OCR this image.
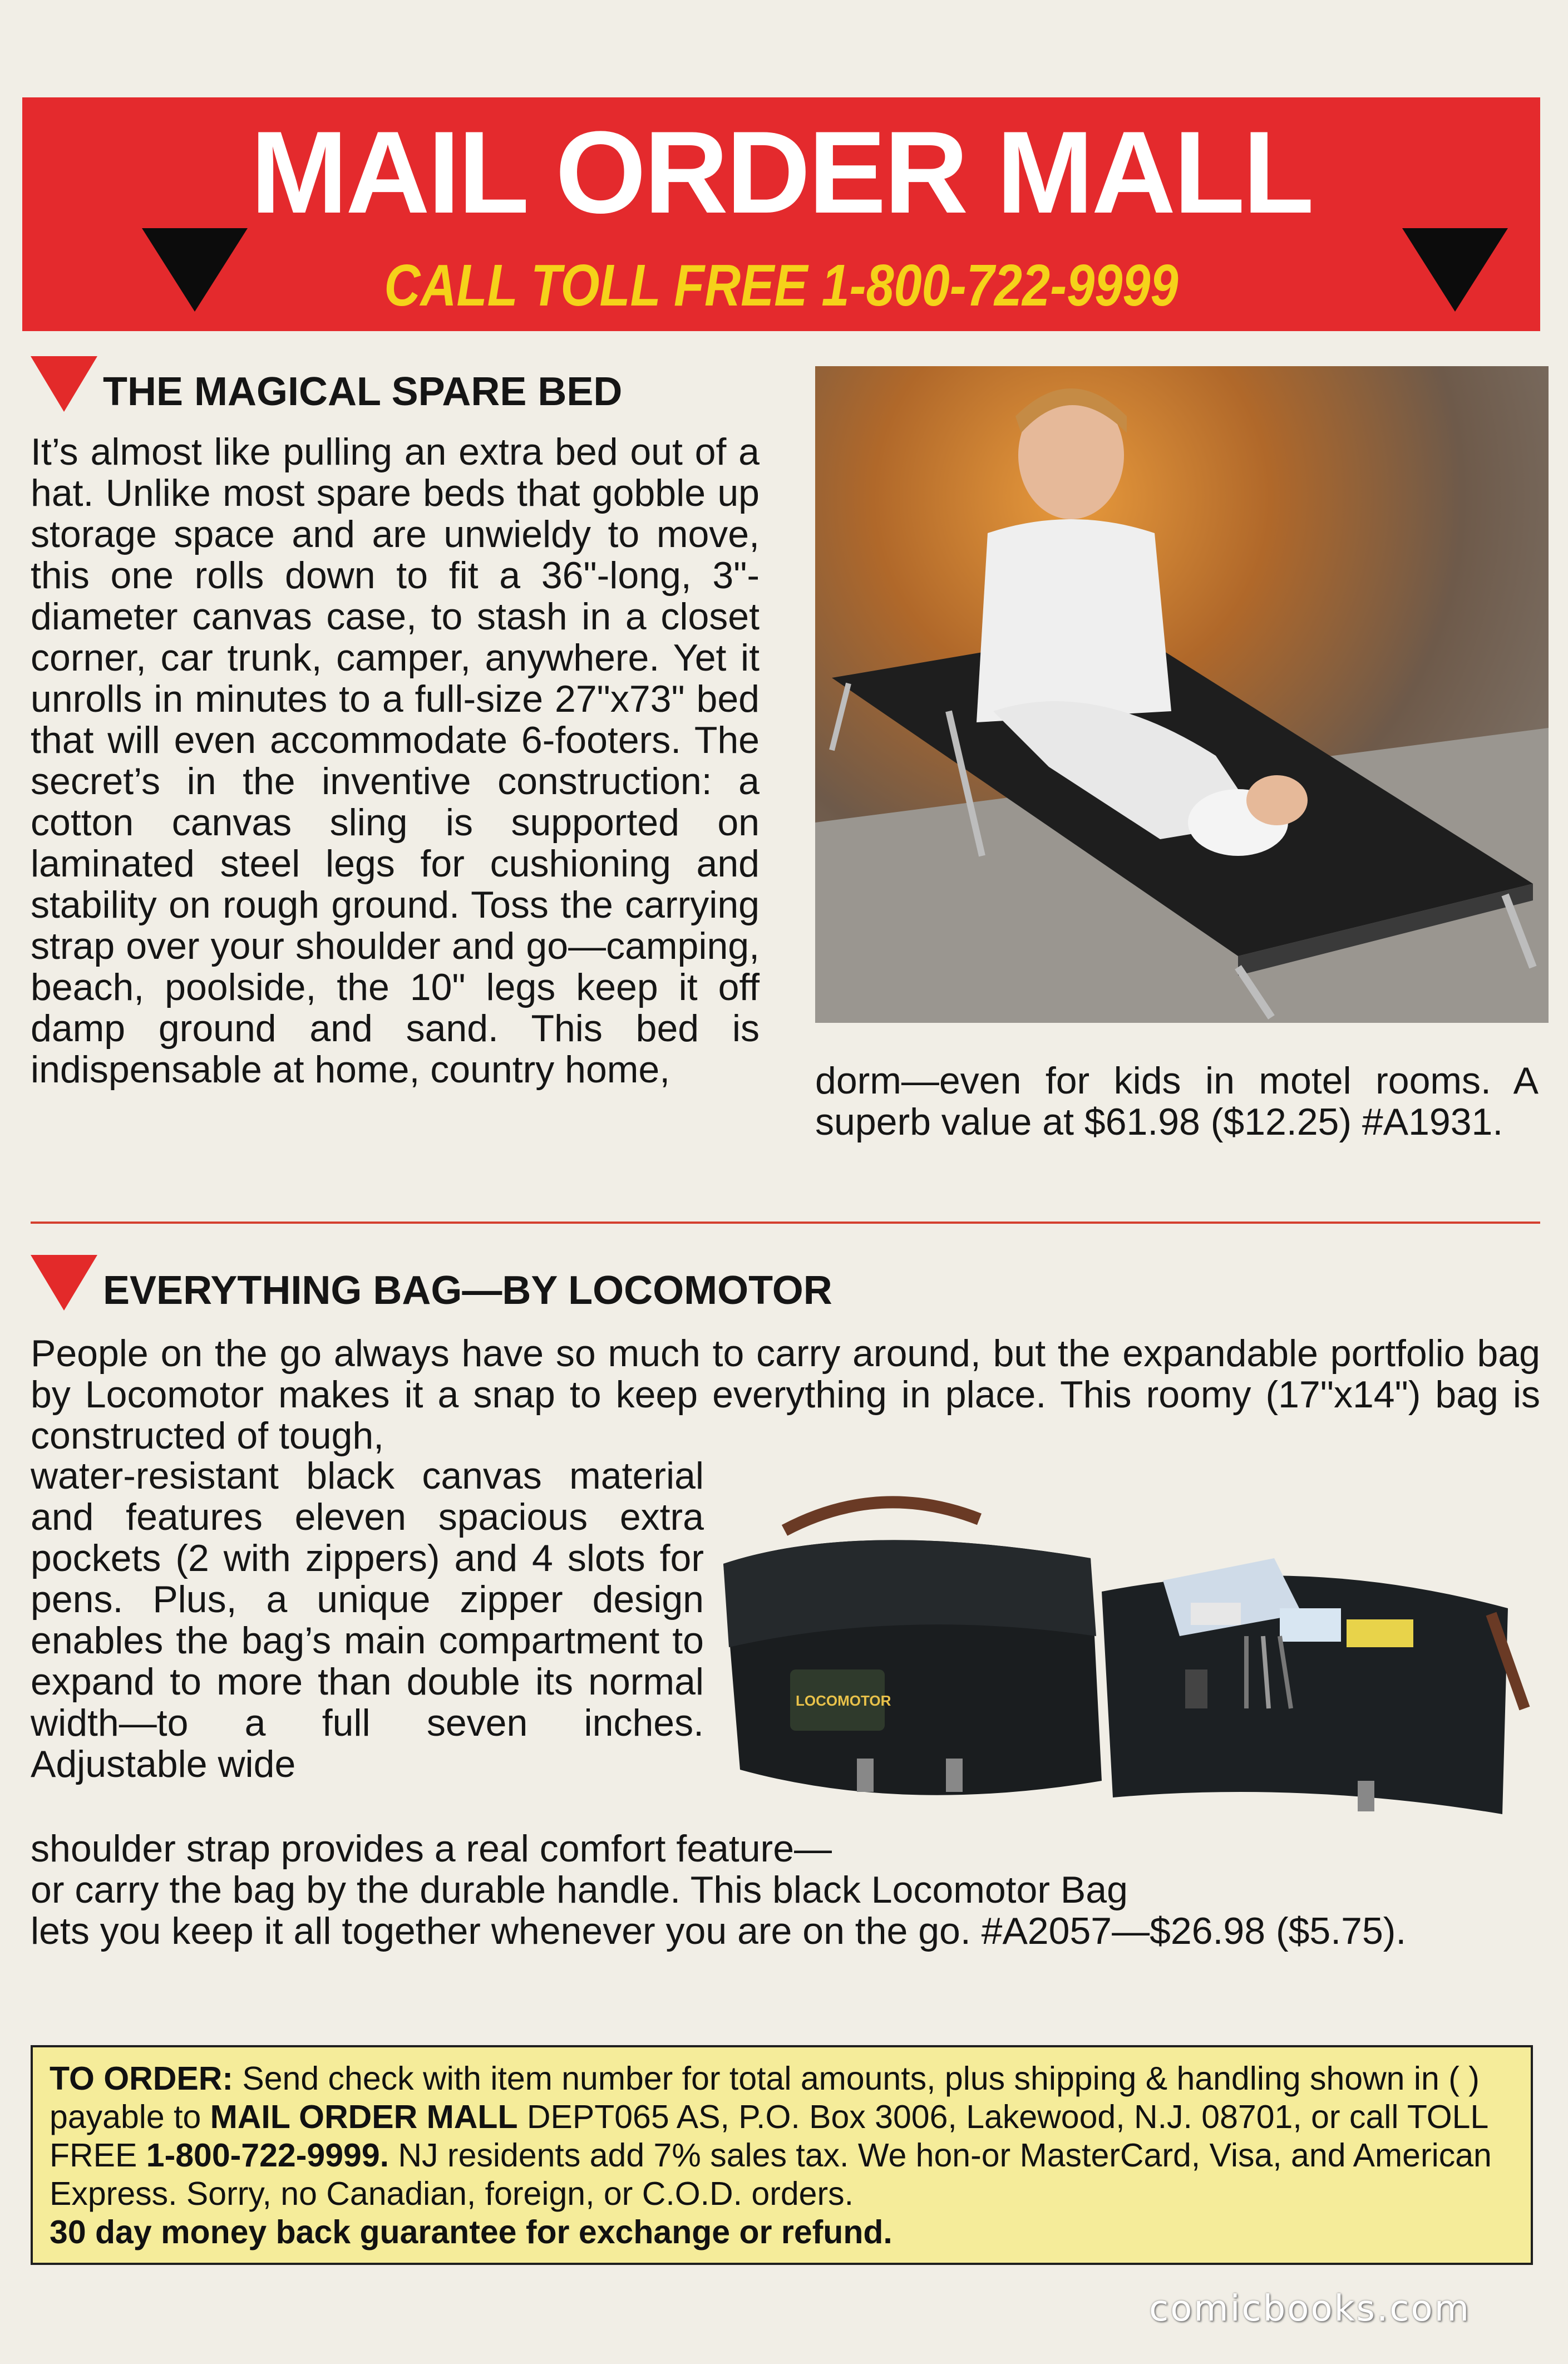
MAIL ORDER MALL
CALL TOLL FREE 1-800-722-9999
THE MAGICAL SPARE BED
It’s almost like pulling an extra bed out of a hat. Unlike most spare beds that gobble up storage space and are unwieldy to move, this one rolls down to fit a 36"-long, 3"-diameter canvas case, to stash in a closet corner, car trunk, camper, anywhere. Yet it unrolls in minutes to a full-size 27"x73" bed that will even accommodate 6-footers. The secret’s in the inventive construction: a cotton canvas sling is supported on laminated steel legs for cushioning and stability on rough ground. Toss the carrying strap over your shoulder and go—camping, beach, poolside, the 10" legs keep it off damp ground and sand. This bed is indispensable at home, country home,	dorm—even for kids in motel rooms. A superb value at $61.98 ($12.25) #A1931.
EVERYTHING BAG—BY LOCOMOTOR
People on the go always have so much to carry around, but the expandable portfolio bag by Locomotor makes it a snap to keep everything in place. This roomy (17"x14") bag is constructed of tough,
water-resistant black canvas material and features eleven spacious extra pockets (2 with zippers) and 4 slots for pens. Plus, a unique zipper design enables the bag’s main compartment to expand to more than double its normal width—to a full seven inches. Adjustable wide
LOCOMOTOR
shoulder strap provides a real comfort feature—
or carry the bag by the durable handle. This black Locomotor Bag
lets you keep it all together whenever you are on the go. #A2057—$26.98 ($5.75).
TO ORDER: Send check with item number for total amounts, plus shipping & handling shown in ( ) payable to MAIL ORDER MALL DEPT065 AS, P.O. Box 3006, Lakewood, N.J. 08701, or call TOLL FREE 1-800-722-9999. NJ residents add 7% sales tax. We hon-or MasterCard, Visa, and American Express. Sorry, no Canadian, foreign, or C.O.D. orders.
30 day money back guarantee for exchange or refund.
comicbooks.com
